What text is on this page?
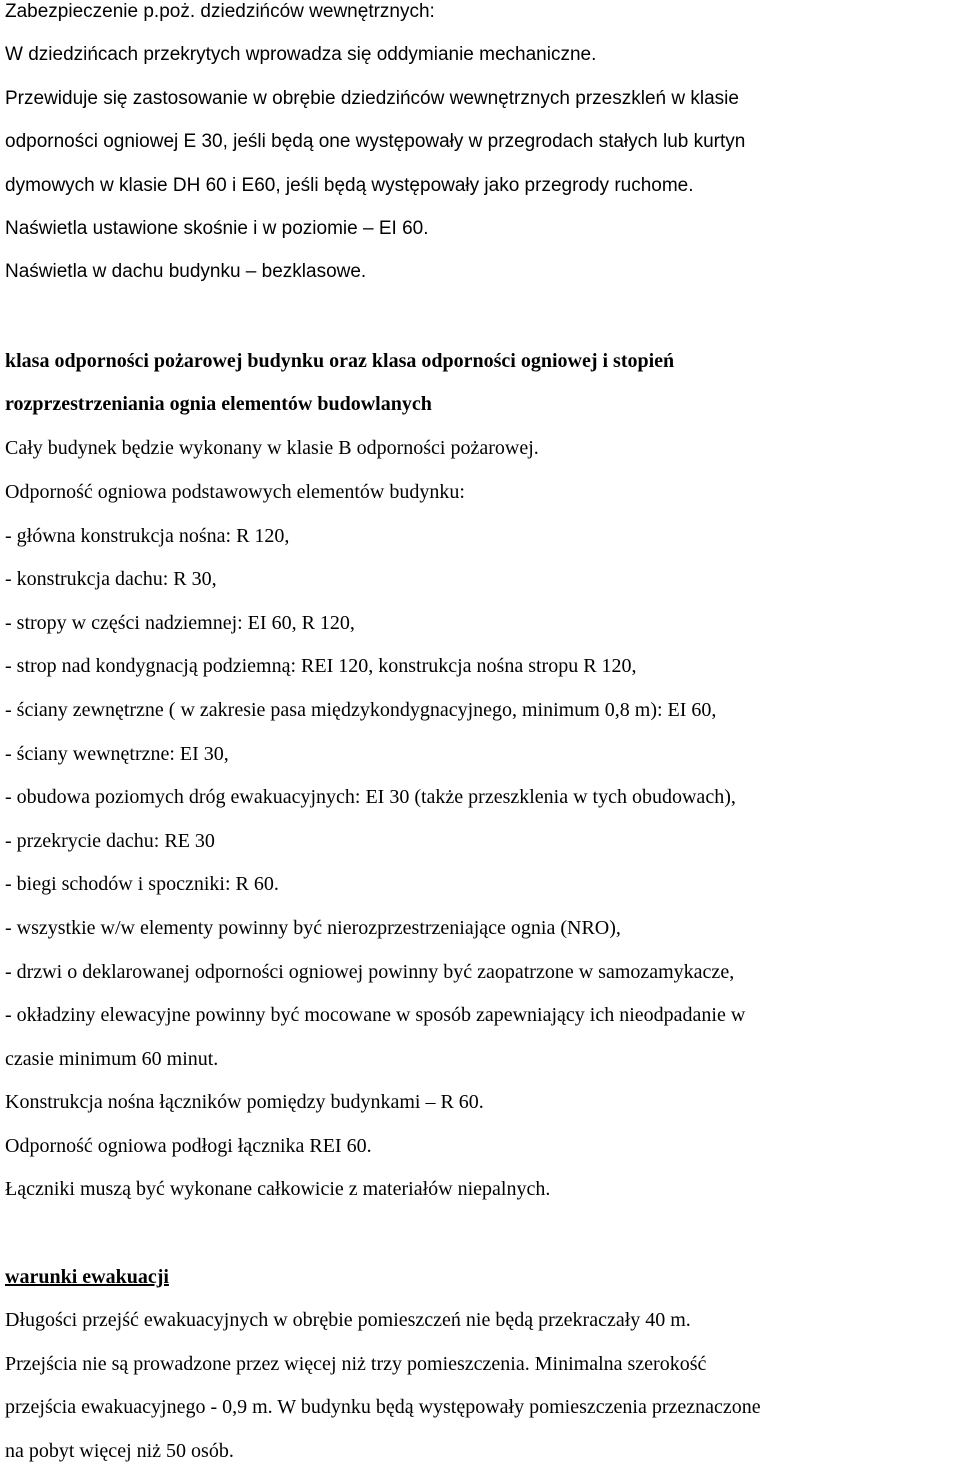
Zabezpieczenie p.poż. dziedzińców wewnętrznych:
W dziedzińcach przekrytych wprowadza się oddymianie mechaniczne.
Przewiduje się zastosowanie w obrębie dziedzińców wewnętrznych przeszkleń w klasie
odporności ogniowej E 30, jeśli będą one występowały w przegrodach stałych lub kurtyn
dymowych w klasie DH 60 i E60, jeśli będą występowały jako przegrody ruchome.
Naświetla ustawione skośnie i w poziomie – EI 60.
Naświetla w dachu budynku – bezklasowe.
klasa odporności pożarowej budynku oraz klasa odporności ogniowej i stopień
rozprzestrzeniania ognia elementów budowlanych
Cały budynek będzie wykonany w klasie B odporności pożarowej.
Odporność ogniowa podstawowych elementów budynku:
- główna konstrukcja nośna: R 120,
- konstrukcja dachu: R 30,
- stropy w części nadziemnej: EI 60, R 120,
- strop nad kondygnacją podziemną: REI 120, konstrukcja nośna stropu R 120,
- ściany zewnętrzne ( w zakresie pasa międzykondygnacyjnego, minimum 0,8 m): EI 60,
- ściany wewnętrzne: EI 30,
- obudowa poziomych dróg ewakuacyjnych: EI 30 (także przeszklenia w tych obudowach),
- przekrycie dachu: RE 30
- biegi schodów i spoczniki: R 60.
- wszystkie w/w elementy powinny być nierozprzestrzeniające ognia (NRO),
- drzwi o deklarowanej odporności ogniowej powinny być zaopatrzone w samozamykacze,
- okładziny elewacyjne powinny być mocowane w sposób zapewniający ich nieodpadanie w
czasie minimum 60 minut.
Konstrukcja nośna łączników pomiędzy budynkami – R 60.
Odporność ogniowa podłogi łącznika REI 60.
Łączniki muszą być wykonane całkowicie z materiałów niepalnych.
warunki ewakuacji
Długości przejść ewakuacyjnych w obrębie pomieszczeń nie będą przekraczały 40 m.
Przejścia nie są prowadzone przez więcej niż trzy pomieszczenia. Minimalna szerokość
przejścia ewakuacyjnego - 0,9 m. W budynku będą występowały pomieszczenia przeznaczone
na pobyt więcej niż 50 osób.
